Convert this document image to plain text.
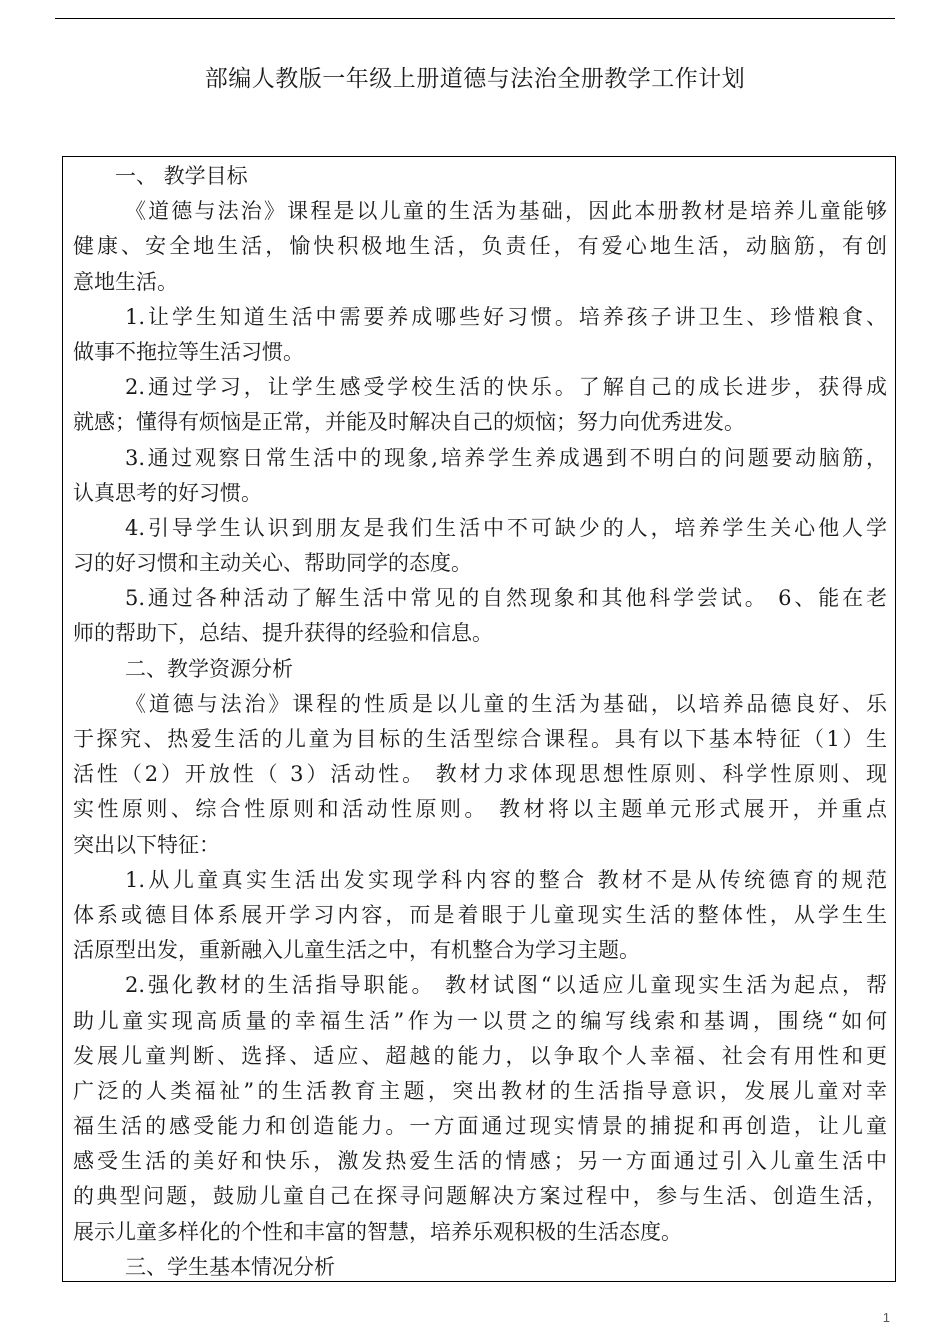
部编人教版一年级上册道德与法治全册教学工作计划
一、 教学目标
《道德与法治》课程是以儿童的生活为基础，因此本册教材是培养儿童能够
健康、安全地生活，愉快积极地生活，负责任，有爱心地生活，动脑筋，有创
意地生活。
1.让学生知道生活中需要养成哪些好习惯。培养孩子讲卫生、珍惜粮食、
做事不拖拉等生活习惯。
2.通过学习，让学生感受学校生活的快乐。了解自己的成长进步，获得成
就感；懂得有烦恼是正常，并能及时解决自己的烦恼；努力向优秀进发。
3.通过观察日常生活中的现象,培养学生养成遇到不明白的问题要动脑筋，
认真思考的好习惯。
4.引导学生认识到朋友是我们生活中不可缺少的人，培养学生关心他人学
习的好习惯和主动关心、帮助同学的态度。
5.通过各种活动了解生活中常见的自然现象和其他科学尝试。 6、能在老
师的帮助下，总结、提升获得的经验和信息。
二、教学资源分析
《道德与法治》课程的性质是以儿童的生活为基础，以培养品德良好、乐
于探究、热爱生活的儿童为目标的生活型综合课程。具有以下基本特征（1）生
活性（2）开放性（ 3）活动性。 教材力求体现思想性原则、科学性原则、现
实性原则、综合性原则和活动性原则。 教材将以主题单元形式展开，并重点
突出以下特征：
1.从儿童真实生活出发实现学科内容的整合 教材不是从传统德育的规范
体系或德目体系展开学习内容，而是着眼于儿童现实生活的整体性，从学生生
活原型出发，重新融入儿童生活之中，有机整合为学习主题。
2.强化教材的生活指导职能。 教材试图“以适应儿童现实生活为起点，帮
助儿童实现高质量的幸福生活”作为一以贯之的编写线索和基调，围绕“如何
发展儿童判断、选择、适应、超越的能力，以争取个人幸福、社会有用性和更
广泛的人类福祉”的生活教育主题，突出教材的生活指导意识，发展儿童对幸
福生活的感受能力和创造能力。一方面通过现实情景的捕捉和再创造，让儿童
感受生活的美好和快乐，激发热爱生活的情感；另一方面通过引入儿童生活中
的典型问题，鼓励儿童自己在探寻问题解决方案过程中，参与生活、创造生活，
展示儿童多样化的个性和丰富的智慧，培养乐观积极的生活态度。
三、学生基本情况分析
1
